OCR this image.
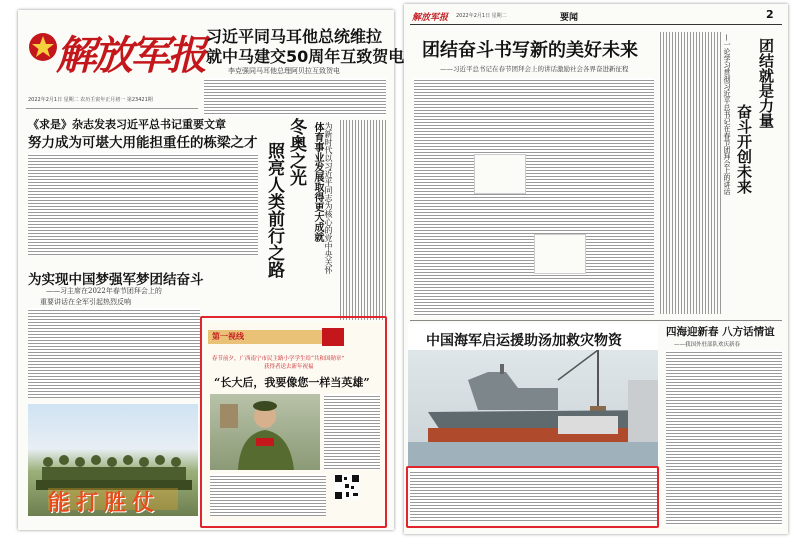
解放军报
2022年2月1日 星期二 农历壬寅年正月初一 第23421期
习近平同马耳他总统维拉
就中马建交50周年互致贺电
李克强同马耳他总理阿贝拉互致贺电
《求是》杂志发表习近平总书记重要文章
努力成为可堪大用能担重任的栋梁之才 照亮人类前行之路 冬奥之光 体育事业发展取得更大成就 为新时代以习近平同志为核心的党中央关怀
为实现中国梦强军梦团结奋斗
——习主席在2022年春节团拜会上的
重要讲话在全军引起热烈反响
能打胜仗
第一视线
春节前夕，广西南宁市民主路小学学生给“共和国勋章”
获得者送去新年祝福
“长大后，我要像您一样当英雄”
解放军报 2022年2月1日 星期二	要闻	2
团结奋斗书写新的美好未来
——习近平总书记在春节团拜会上的讲话激励社会各界奋进新征程	—一论学习贯彻习近平总书记在春节团拜会上的讲话 奋斗开创未来
团结就是力量
中国海军启运援助汤加救灾物资
四海迎新春 八方话情谊
——我国外驻部队欢庆新春
